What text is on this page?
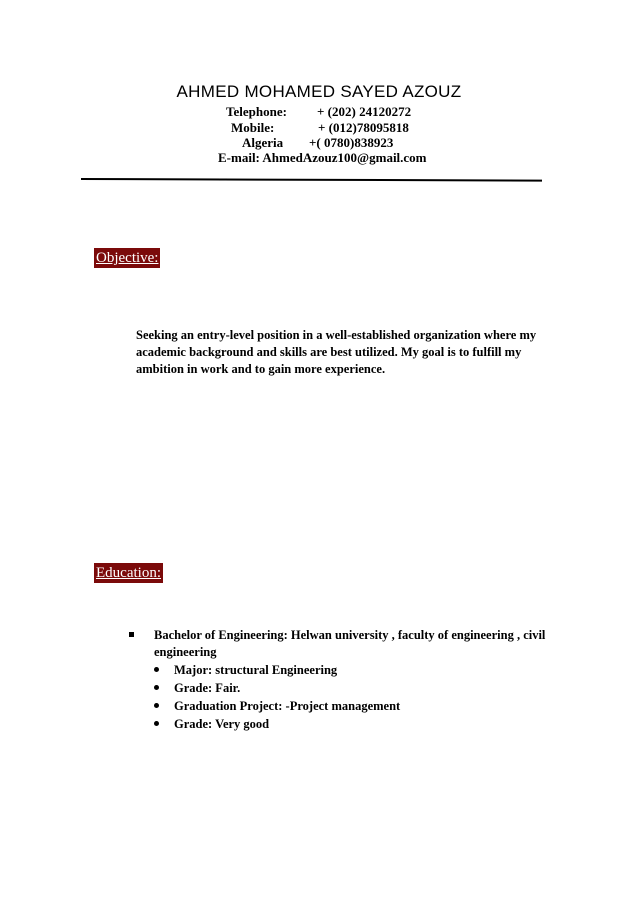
AHMED MOHAMED SAYED AZOUZ
Telephone: + (202) 24120272
Mobile:	+ (012)78095818
Algeria +( 0780)838923
E-mail: AhmedAzouz100@gmail.com
Objective:

Seeking an entry-level position in a well-established organization where my academic background and skills are best utilized. My goal is to fulfill my ambition in work and to gain more experience.

Education:
Bachelor of Engineering: Helwan university , faculty of engineering , civil engineering
Major: structural Engineering
Grade: Fair.
Graduation Project: -Project management
Grade: Very good
